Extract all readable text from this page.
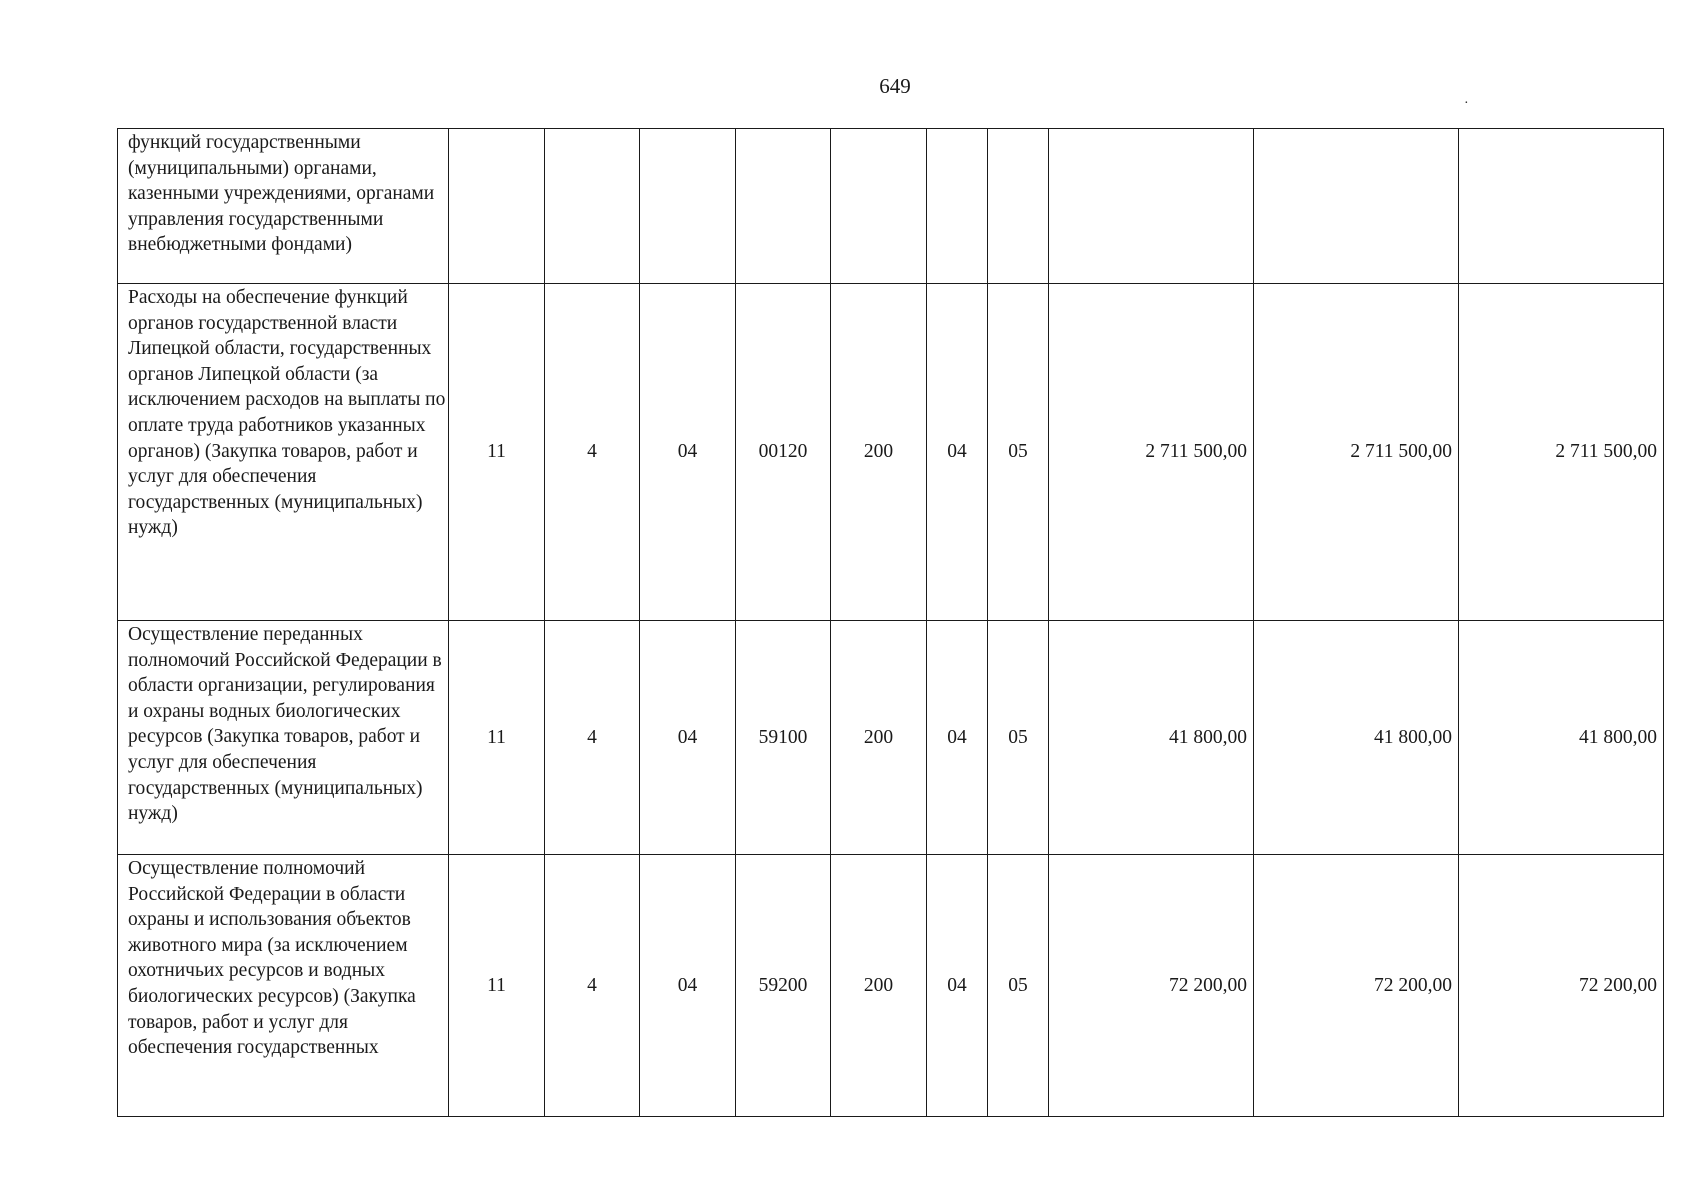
649
·
функций государственными (муниципальными) органами, казенными учреждениями, органами управления государственными внебюджетными фондами)										
Расходы на обеспечение функций органов государственной власти Липецкой области, государственных органов Липецкой области (за исключением расходов на выплаты по оплате труда работников указанных органов) (Закупка товаров, работ и услуг для обеспечения государственных (муниципальных) нужд)	11	4	04	00120	200	04	05	2 711 500,00	2 711 500,00	2 711 500,00
Осуществление переданных полномочий Российской Федерации в области организации, регулирования и охраны водных биологических ресурсов (Закупка товаров, работ и услуг для обеспечения государственных (муниципальных) нужд)	11	4	04	59100	200	04	05	41 800,00	41 800,00	41 800,00
Осуществление полномочий Российской Федерации в области охраны и использования объектов животного мира (за исключением охотничьих ресурсов и водных биологических ресурсов) (Закупка товаров, работ и услуг для обеспечения государственных	11	4	04	59200	200	04	05	72 200,00	72 200,00	72 200,00
